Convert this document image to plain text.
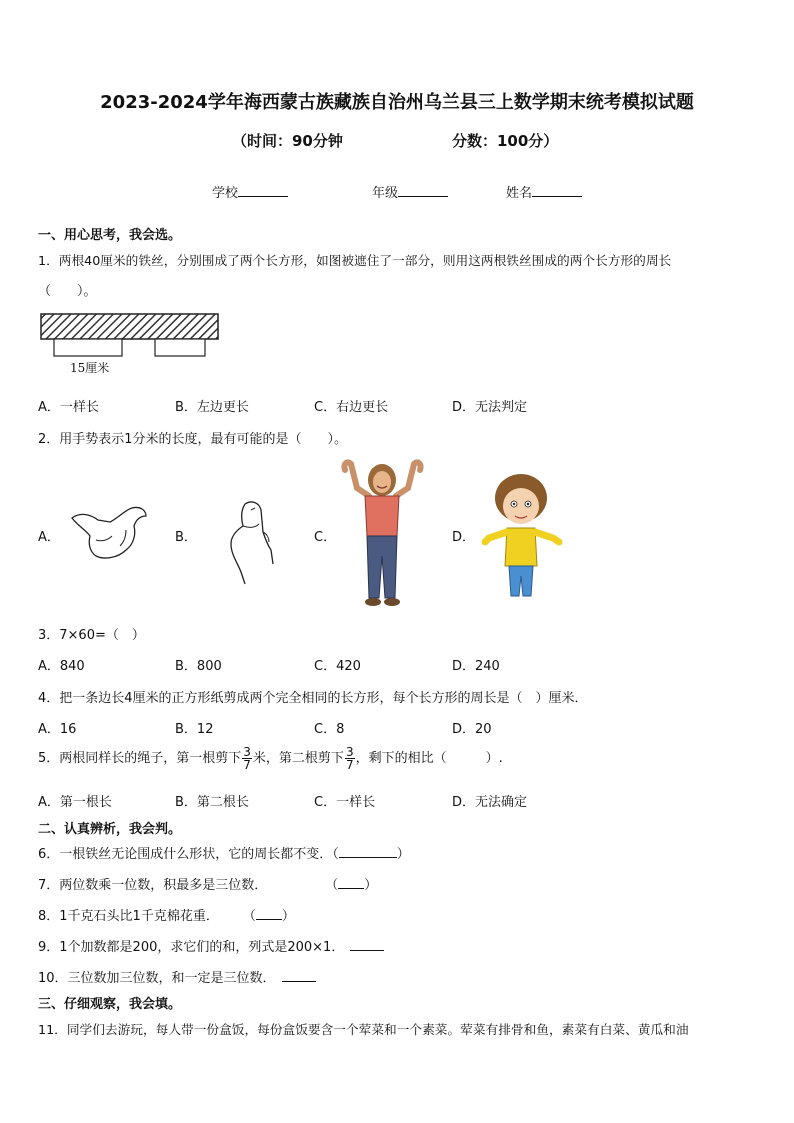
2023-2024学年海西蒙古族藏族自治州乌兰县三上数学期末统考模拟试题
（时间：90分钟	分数：100分）
学校	年级	姓名
一、用心思考，我会选。
1．两根40厘米的铁丝，分别围成了两个长方形，如图被遮住了一部分，则用这两根铁丝围成的两个长方形的周长
（　　）。
15厘米
A．一样长	B．左边更长	C．右边更长	D．无法判定
2．用手势表示1分米的长度，最有可能的是（　　）。
A．	B．	C．	D．
3．7×60=（　）
A．840	B．800	C．420	D．240
4．把一条边长4厘米的正方形纸剪成两个完全相同的长方形，每个长方形的周长是（　）厘米．
A．16	B．12	C．8	D．20
5．两根同样长的绳子，第一根剪下 $\frac{3}{7}$ 米，第二根剪下 $\frac{3}{7}$ ，剩下的相比（　　　）.
A．第一根长	B．第二根长	C．一样长	D．无法确定
二、认真辨析，我会判。
6．一根铁丝无论围成什么形状，它的周长都不变．（	）
7．两位数乘一位数，积最多是三位数．	（ ）
8．1千克石头比1千克棉花重． （ ）
9．1个加数都是200，求它们的和，列式是200×1．
10．三位数加三位数，和一定是三位数．
三、仔细观察，我会填。
11．同学们去游玩，每人带一份盒饭，每份盒饭要含一个荤菜和一个素菜。荤菜有排骨和鱼，素菜有白菜、黄瓜和油
